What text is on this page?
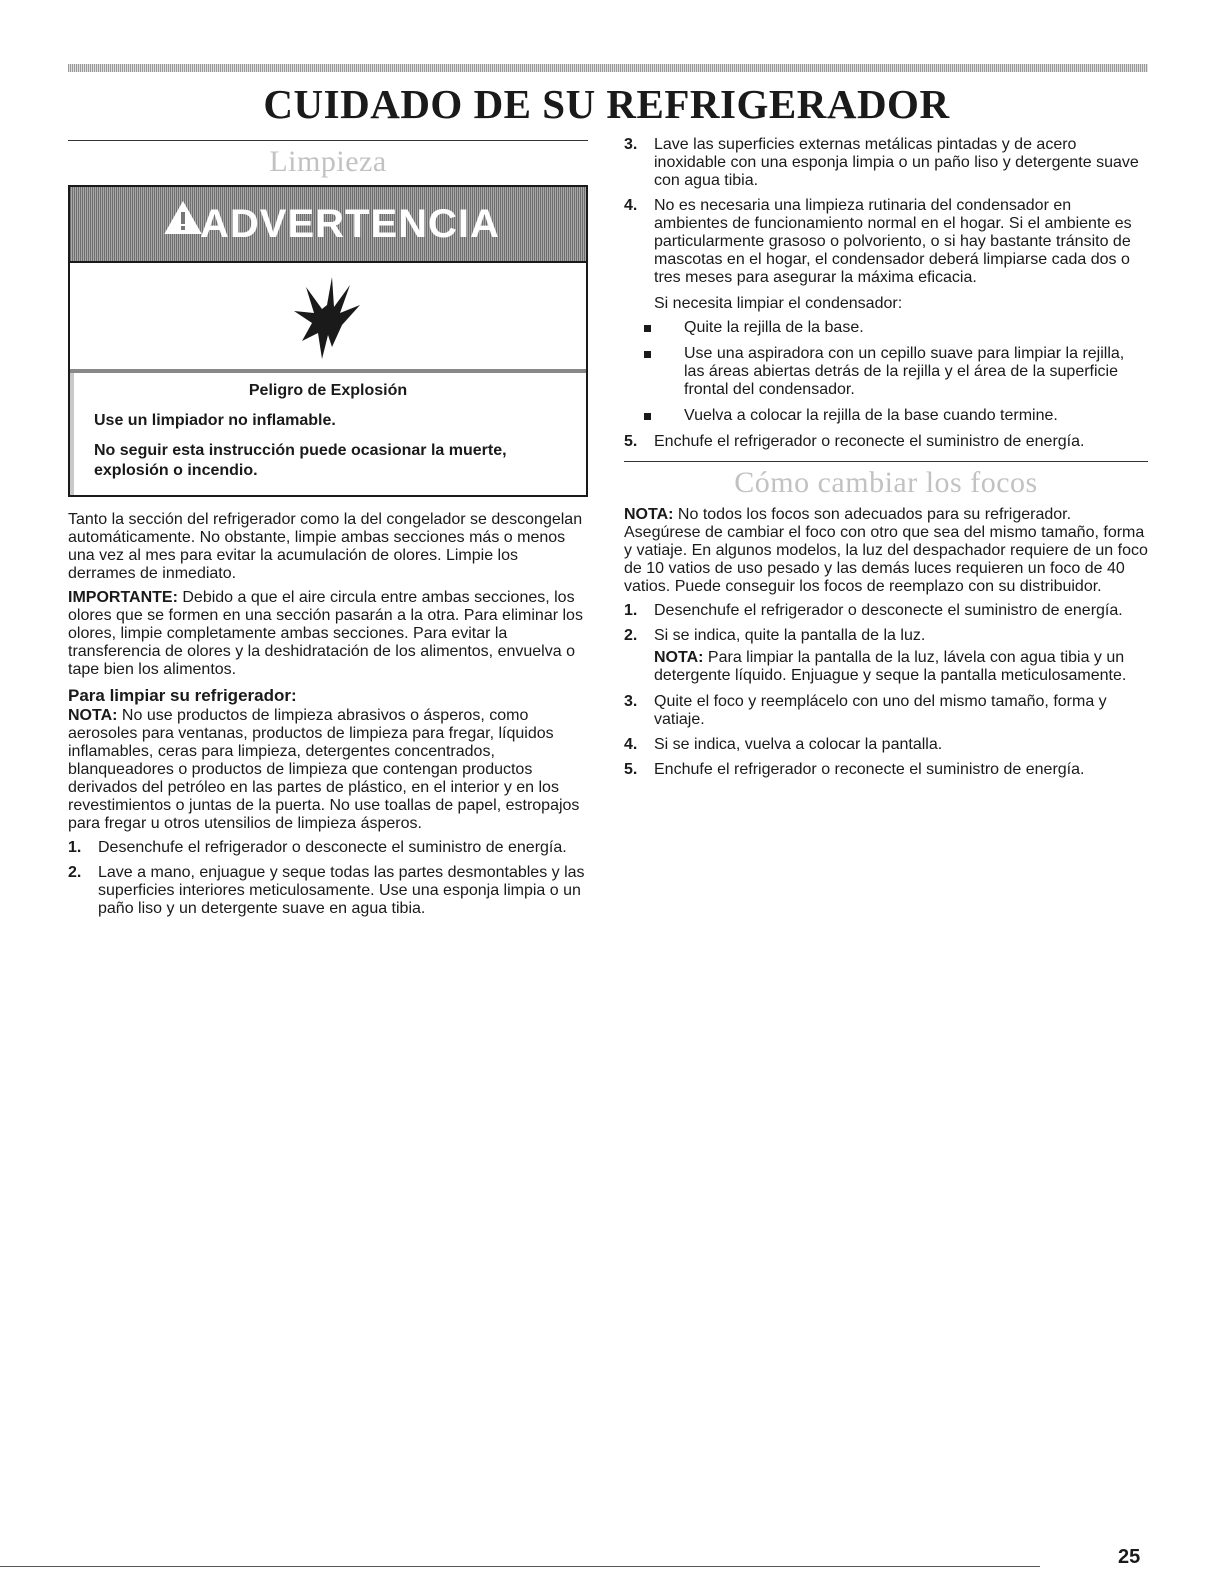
CUIDADO DE SU REFRIGERADOR
Limpieza
ADVERTENCIA
Peligro de Explosión

Use un limpiador no inflamable.

No seguir esta instrucción puede ocasionar la muerte, explosión o incendio.

Tanto la sección del refrigerador como la del congelador se descongelan automáticamente. No obstante, limpie ambas secciones más o menos una vez al mes para evitar la acumulación de olores. Limpie los derrames de inmediato.

IMPORTANTE: Debido a que el aire circula entre ambas secciones, los olores que se formen en una sección pasarán a la otra. Para eliminar los olores, limpie completamente ambas secciones. Para evitar la transferencia de olores y la deshidratación de los alimentos, envuelva o tape bien los alimentos.

Para limpiar su refrigerador:

NOTA: No use productos de limpieza abrasivos o ásperos, como aerosoles para ventanas, productos de limpieza para fregar, líquidos inflamables, ceras para limpieza, detergentes concentrados, blanqueadores o productos de limpieza que contengan productos derivados del petróleo en las partes de plástico, en el interior y en los revestimientos o juntas de la puerta. No use toallas de papel, estropajos para fregar u otros utensilios de limpieza ásperos.

1. Desenchufe el refrigerador o desconecte el suministro de energía.
2. Lave a mano, enjuague y seque todas las partes desmontables y las superficies interiores meticulosamente. Use una esponja limpia o un paño liso y un detergente suave en agua tibia.
3. Lave las superficies externas metálicas pintadas y de acero inoxidable con una esponja limpia o un paño liso y detergente suave con agua tibia.
4. No es necesaria una limpieza rutinaria del condensador en ambientes de funcionamiento normal en el hogar. Si el ambiente es particularmente grasoso o polvoriento, o si hay bastante tránsito de mascotas en el hogar, el condensador deberá limpiarse cada dos o tres meses para asegurar la máxima eficacia.
Si necesita limpiar el condensador:
Quite la rejilla de la base.
Use una aspiradora con un cepillo suave para limpiar la rejilla, las áreas abiertas detrás de la rejilla y el área de la superficie frontal del condensador.
Vuelva a colocar la rejilla de la base cuando termine.
5. Enchufe el refrigerador o reconecte el suministro de energía.
Cómo cambiar los focos

NOTA: No todos los focos son adecuados para su refrigerador. Asegúrese de cambiar el foco con otro que sea del mismo tamaño, forma y vatiaje. En algunos modelos, la luz del despachador requiere de un foco de 10 vatios de uso pesado y las demás luces requieren un foco de 40 vatios. Puede conseguir los focos de reemplazo con su distribuidor.

1. Desenchufe el refrigerador o desconecte el suministro de energía.
2. Si se indica, quite la pantalla de la luz.

NOTA: Para limpiar la pantalla de la luz, lávela con agua tibia y un detergente líquido. Enjuague y seque la pantalla meticulosamente.

3. Quite el foco y reemplácelo con uno del mismo tamaño, forma y vatiaje.
4. Si se indica, vuelva a colocar la pantalla.
5. Enchufe el refrigerador o reconecte el suministro de energía.
25
